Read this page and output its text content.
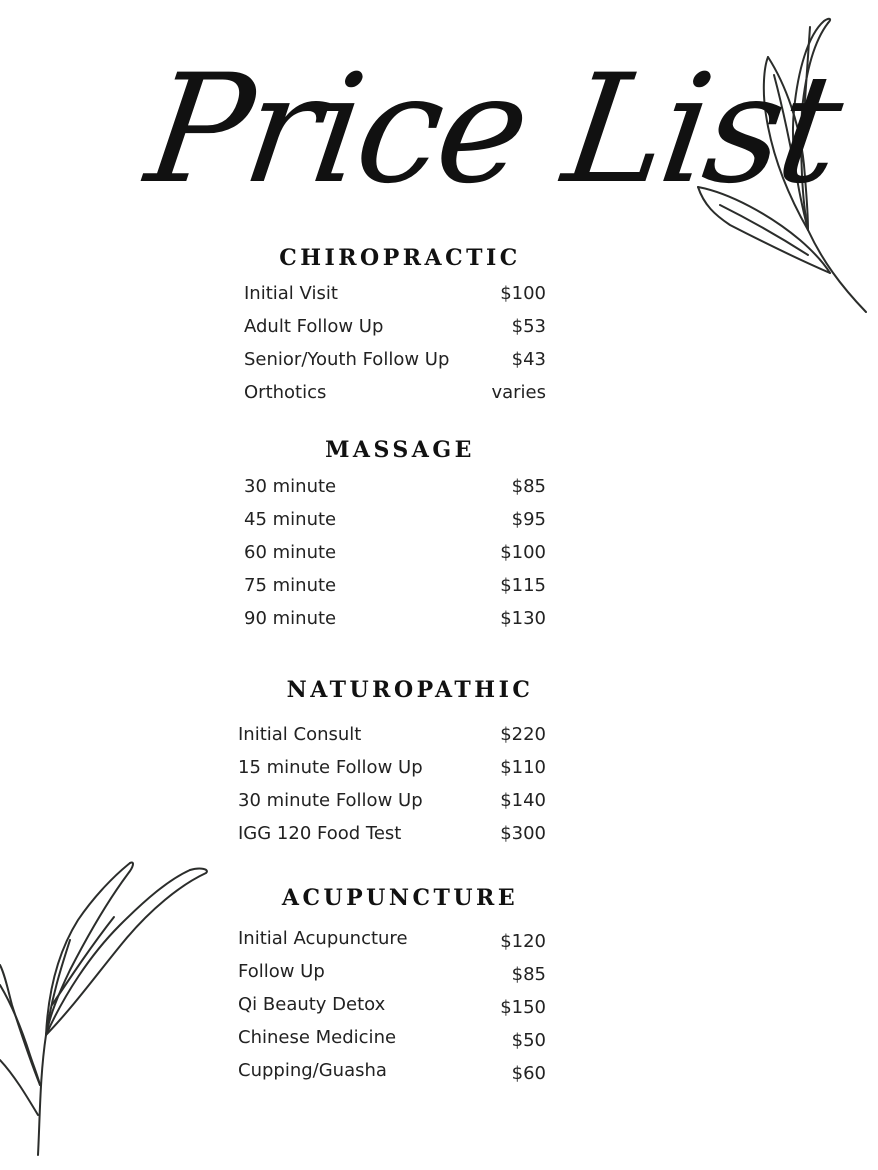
Price List
CHIROPRACTIC
Initial Visit	$100
Adult Follow Up	$53
Senior/Youth Follow Up	$43
Orthotics	varies
MASSAGE
30 minute	$85
45 minute	$95
60 minute	$100
75 minute	$115
90 minute	$130
NATUROPATHIC
Initial Consult	$220
15 minute Follow Up	$110
30 minute Follow Up	$140
IGG 120 Food Test	$300
ACUPUNCTURE
Initial Acupuncture	$120
Follow Up	$85
Qi Beauty Detox	$150
Chinese Medicine	$50
Cupping/Guasha	$60
